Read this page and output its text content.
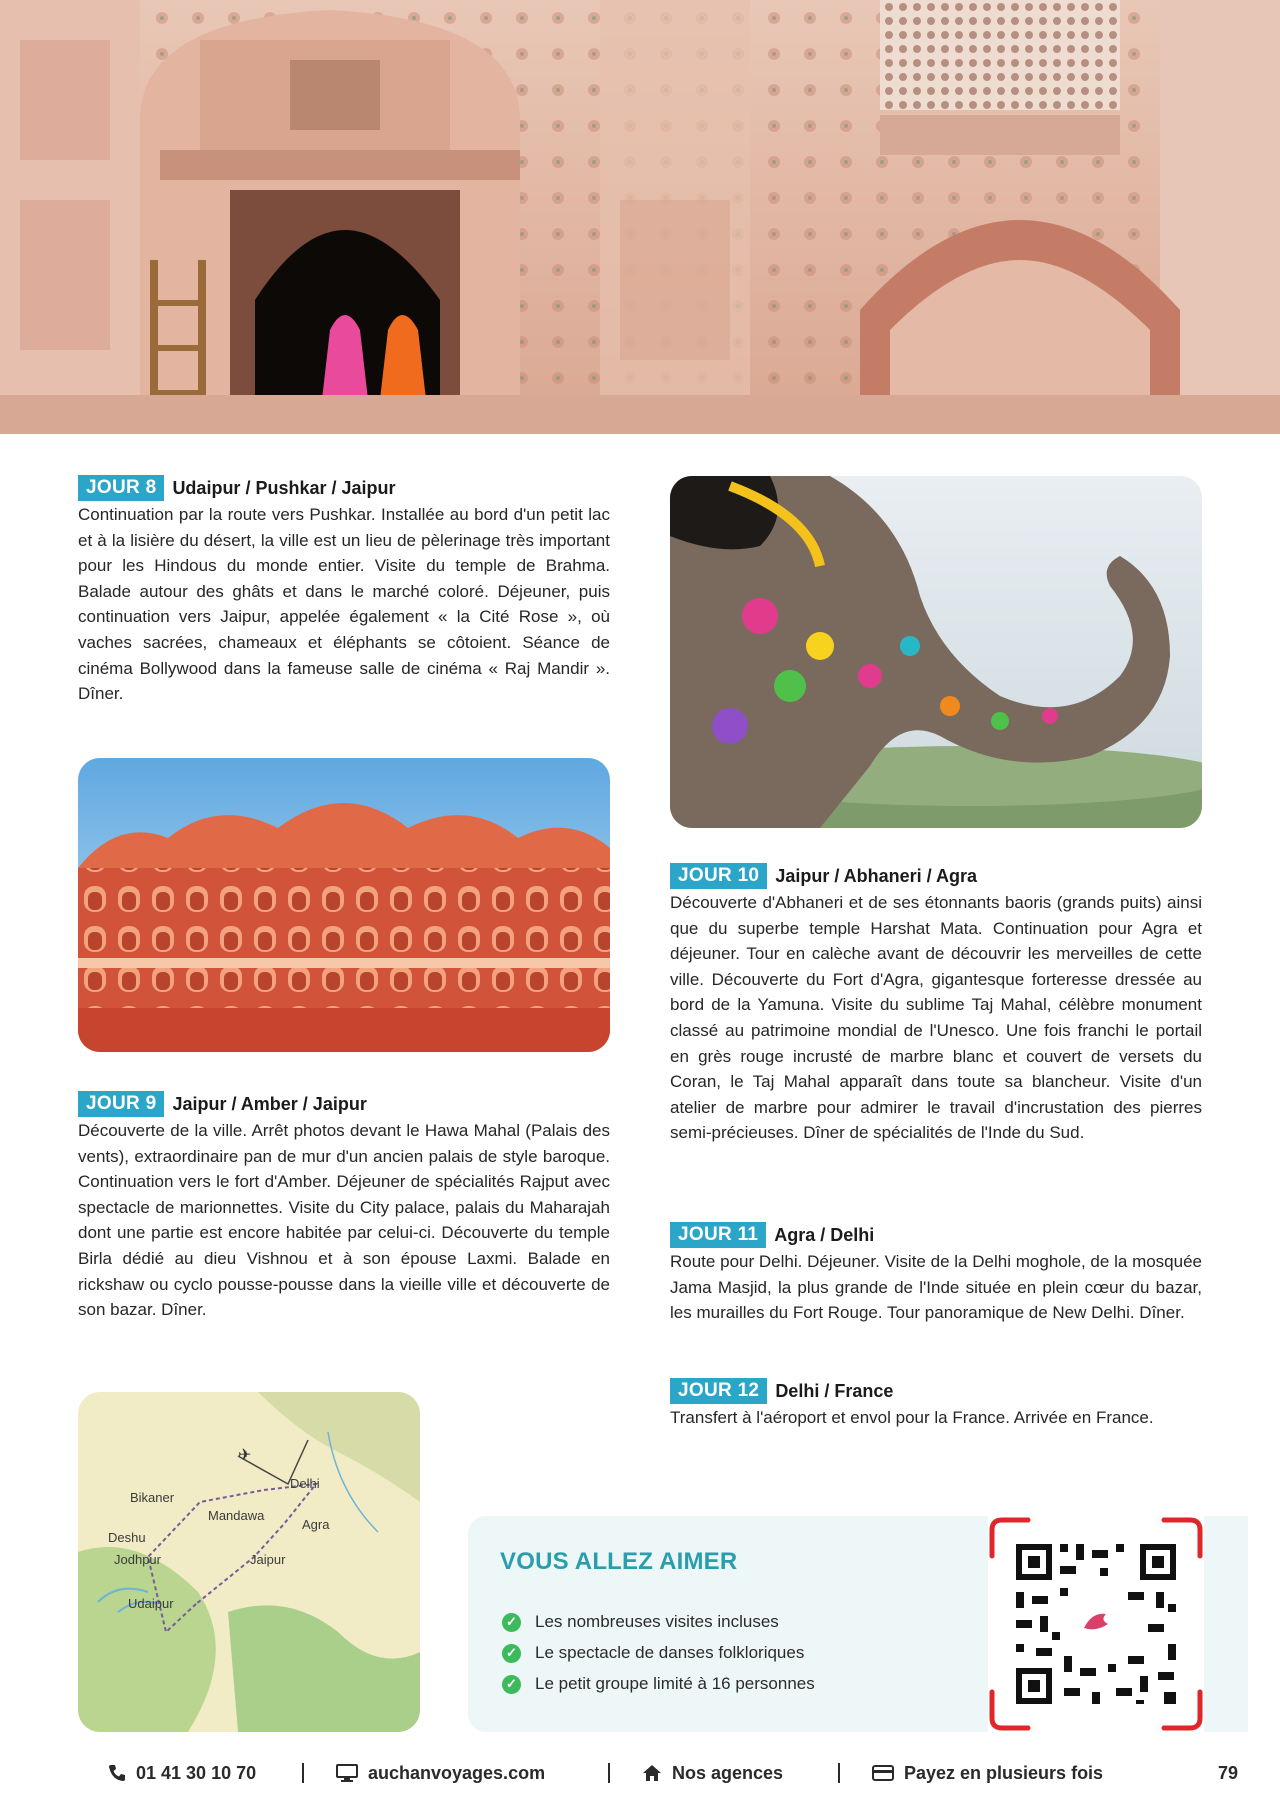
JOUR 8 Udaipur / Pushkar / Jaipur

Continuation par la route vers Pushkar. Installée au bord d'un petit lac et à la lisière du désert, la ville est un lieu de pèlerinage très important pour les Hindous du monde entier. Visite du temple de Brahma. Balade autour des ghâts et dans le marché coloré. Déjeuner, puis continuation vers Jaipur, appelée également « la Cité Rose », où vaches sacrées, chameaux et éléphants se côtoient. Séance de cinéma Bollywood dans la fameuse salle de cinéma « Raj Mandir ». Dîner.

JOUR 9 Jaipur / Amber / Jaipur

Découverte de la ville. Arrêt photos devant le Hawa Mahal (Palais des vents), extraordinaire pan de mur d'un ancien palais de style baroque. Continuation vers le fort d'Amber. Déjeuner de spécialités Rajput avec spectacle de marionnettes. Visite du City palace, palais du Maharajah dont une partie est encore habitée par celui-ci. Découverte du temple Birla dédié au dieu Vishnou et à son épouse Laxmi. Balade en rickshaw ou cyclo pousse-pousse dans la vieille ville et découverte de son bazar. Dîner.

✈
Bikaner
Mandawa
Delhi
Agra
Deshu
Jodhpur	Jaipur
Udaipur
JOUR 10 Jaipur / Abhaneri / Agra

Découverte d'Abhaneri et de ses étonnants baoris (grands puits) ainsi que du superbe temple Harshat Mata. Continuation pour Agra et déjeuner. Tour en calèche avant de découvrir les merveilles de cette ville. Découverte du Fort d'Agra, gigantesque forteresse dressée au bord de la Yamuna. Visite du sublime Taj Mahal, célèbre monument classé au patrimoine mondial de l'Unesco. Une fois franchi le portail en grès rouge incrusté de marbre blanc et couvert de versets du Coran, le Taj Mahal apparaît dans toute sa blancheur. Visite d'un atelier de marbre pour admirer le travail d'incrustation des pierres semi-précieuses. Dîner de spécialités de l'Inde du Sud.

JOUR 11 Agra / Delhi

Route pour Delhi. Déjeuner. Visite de la Delhi moghole, de la mosquée Jama Masjid, la plus grande de l'Inde située en plein cœur du bazar, les murailles du Fort Rouge. Tour panoramique de New Delhi. Dîner.

JOUR 12 Delhi / France

Transfert à l'aéroport et envol pour la France. Arrivée en France.

VOUS ALLEZ AIMER
✓ Les nombreuses visites incluses
✓ Le spectacle de danses folkloriques
✓ Le petit groupe limité à 16 personnes
01 41 30 10 70	auchanvoyages.com	Nos agences	Payez en plusieurs fois	79
